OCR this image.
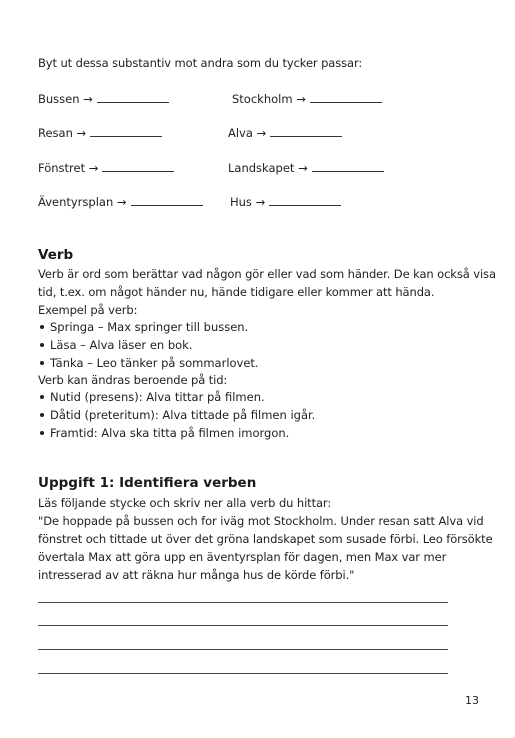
Byt ut dessa substantiv mot andra som du tycker passar:
Bussen →	Stockholm →
Resan →	Alva →
Fönstret →	Landskapet →
Äventyrsplan →	Hus →
Verb
Verb är ord som berättar vad någon gör eller vad som händer. De kan också visa
tid, t.ex. om något händer nu, hände tidigare eller kommer att hända.
Exempel på verb:
Springa – Max springer till bussen.
Läsa – Alva läser en bok.
Tänka – Leo tänker på sommarlovet.
Verb kan ändras beroende på tid:
Nutid (presens): Alva tittar på filmen.
Dåtid (preteritum): Alva tittade på filmen igår.
Framtid: Alva ska titta på filmen imorgon.
Uppgift 1: Identifiera verben
Läs följande stycke och skriv ner alla verb du hittar:
"De hoppade på bussen och for iväg mot Stockholm. Under resan satt Alva vid
fönstret och tittade ut över det gröna landskapet som susade förbi. Leo försökte
övertala Max att göra upp en äventyrsplan för dagen, men Max var mer
intresserad av att räkna hur många hus de körde förbi."
13
